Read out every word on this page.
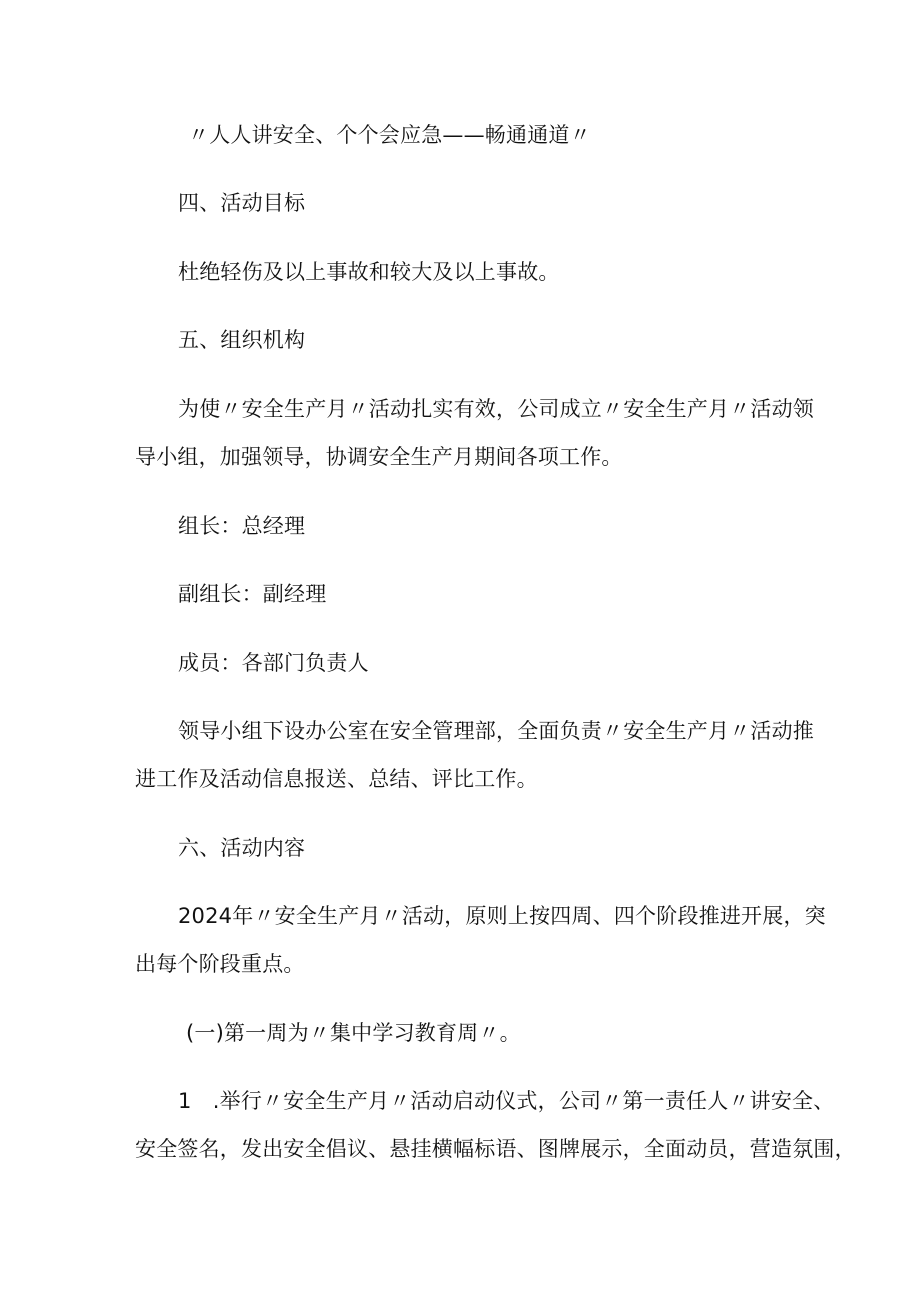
〃人人讲安全、个个会应急——畅通通道〃
四、活动目标
杜绝轻伤及以上事故和较大及以上事故。
五、组织机构
为使〃安全生产月〃活动扎实有效，公司成立〃安全生产月〃活动领
导小组，加强领导，协调安全生产月期间各项工作。
组长：总经理
副组长：副经理
成员：各部门负责人
领导小组下设办公室在安全管理部，全面负责〃安全生产月〃活动推
进工作及活动信息报送、总结、评比工作。
六、活动内容
2024年〃安全生产月〃活动，原则上按四周、四个阶段推进开展，突
出每个阶段重点。
(一)第一周为〃集中学习教育周〃。
1　.举行〃安全生产月〃活动启动仪式，公司〃第一责任人〃讲安全、
安全签名，发出安全倡议、悬挂横幅标语、图牌展示，全面动员，营造氛围，
